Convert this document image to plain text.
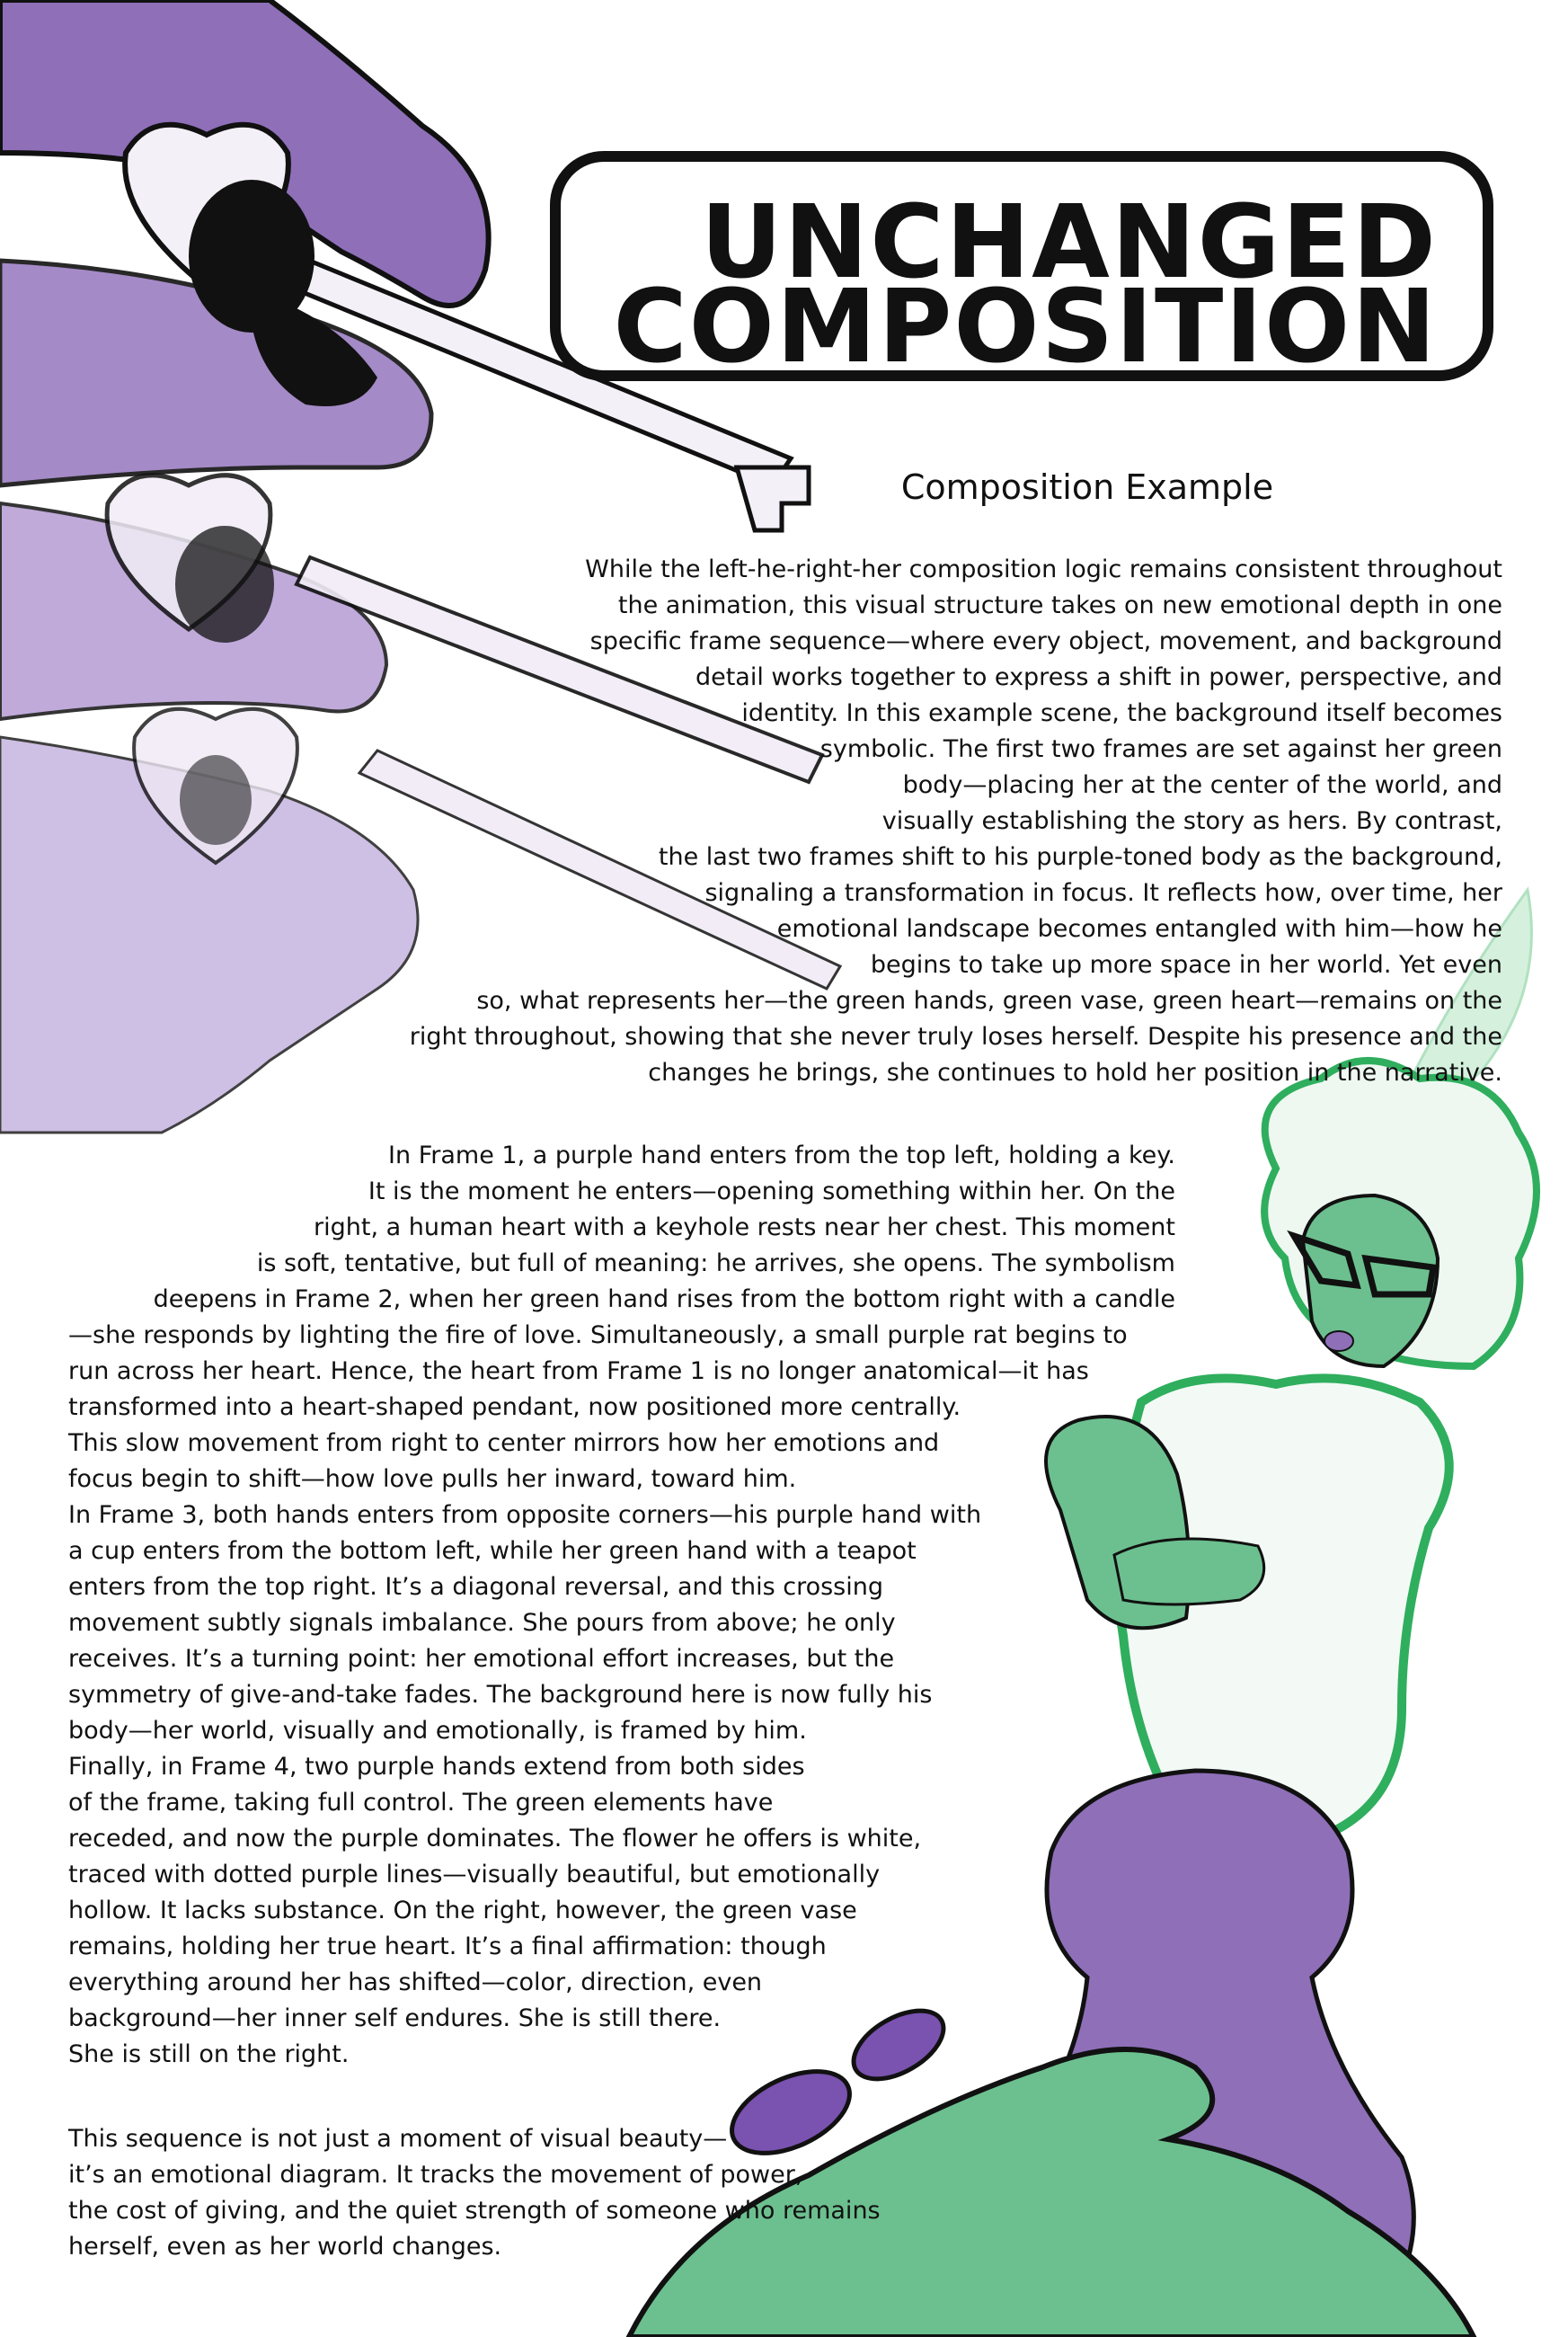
UNCHANGED
COMPOSITION
Composition Example
While the left-he-right-her composition logic remains consistent throughout
the animation, this visual structure takes on new emotional depth in one
specific frame sequence—where every object, movement, and background
detail works together to express a shift in power, perspective, and
identity. In this example scene, the background itself becomes
symbolic. The first two frames are set against her green
body—placing her at the center of the world, and
visually establishing the story as hers. By contrast,
the last two frames shift to his purple-toned body as the background,
signaling a transformation in focus. It reflects how, over time, her
emotional landscape becomes entangled with him—how he
begins to take up more space in her world. Yet even
so, what represents her—the green hands, green vase, green heart—remains on the
right throughout, showing that she never truly loses herself. Despite his presence and the
changes he brings, she continues to hold her position in the narrative.
In Frame 1, a purple hand enters from the top left, holding a key.
It is the moment he enters—opening something within her. On the
right, a human heart with a keyhole rests near her chest. This moment
is soft, tentative, but full of meaning: he arrives, she opens. The symbolism
deepens in Frame 2, when her green hand rises from the bottom right with a candle
—she responds by lighting the fire of love. Simultaneously, a small purple rat begins to
run across her heart. Hence, the heart from Frame 1 is no longer anatomical—it has
transformed into a heart-shaped pendant, now positioned more centrally.
This slow movement from right to center mirrors how her emotions and
focus begin to shift—how love pulls her inward, toward him.
In Frame 3, both hands enters from opposite corners—his purple hand with
a cup enters from the bottom left, while her green hand with a teapot
enters from the top right. It’s a diagonal reversal, and this crossing
movement subtly signals imbalance. She pours from above; he only
receives. It’s a turning point: her emotional effort increases, but the
symmetry of give-and-take fades. The background here is now fully his
body—her world, visually and emotionally, is framed by him.
Finally, in Frame 4, two purple hands extend from both sides
of the frame, taking full control. The green elements have
receded, and now the purple dominates. The flower he offers is white,
traced with dotted purple lines—visually beautiful, but emotionally
hollow. It lacks substance. On the right, however, the green vase
remains, holding her true heart. It’s a final affirmation: though
everything around her has shifted—color, direction, even
background—her inner self endures. She is still there.
She is still on the right.
This sequence is not just a moment of visual beauty—
it’s an emotional diagram. It tracks the movement of power,
the cost of giving, and the quiet strength of someone who remains
herself, even as her world changes.
